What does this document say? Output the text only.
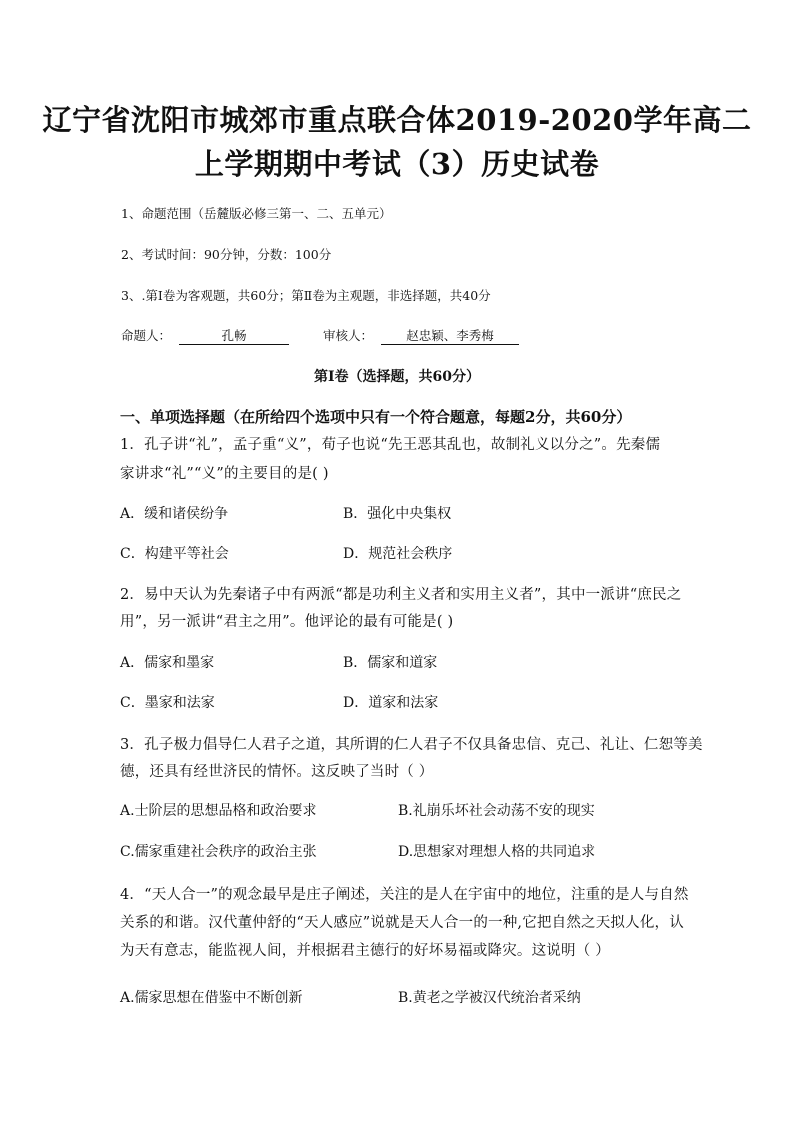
辽宁省沈阳市城郊市重点联合体2019-2020学年高二
上学期期中考试（3）历史试卷
1、命题范围（岳麓版必修三第一、二、五单元）
2、考试时间：90分钟，分数：100分
3、.第Ⅰ卷为客观题，共60分；第Ⅱ卷为主观题，非选择题，共40分
命题人：	孔畅	审核人：	赵忠颖、李秀梅
第Ⅰ卷（选择题，共60分）
一、单项选择题（在所给四个选项中只有一个符合题意，每题2分，共60分）
1．孔子讲“礼”，孟子重“义”，荀子也说“先王恶其乱也，故制礼义以分之”。先秦儒
家讲求“礼”“义”的主要目的是( )
A．缓和诸侯纷争	B．强化中央集权
C．构建平等社会	D．规范社会秩序
2．易中天认为先秦诸子中有两派“都是功利主义者和实用主义者”，其中一派讲“庶民之
用”，另一派讲“君主之用”。他评论的最有可能是( )
A．儒家和墨家	B．儒家和道家
C．墨家和法家	D．道家和法家
3．孔子极力倡导仁人君子之道，其所谓的仁人君子不仅具备忠信、克己、礼让、仁恕等美
德，还具有经世济民的情怀。这反映了当时（ ）
A.士阶层的思想品格和政治要求	B.礼崩乐坏社会动荡不安的现实
C.儒家重建社会秩序的政治主张	D.思想家对理想人格的共同追求
4．“天人合一”的观念最早是庄子阐述，关注的是人在宇宙中的地位，注重的是人与自然
关系的和谐。汉代董仲舒的“天人感应”说就是天人合一的一种,它把自然之天拟人化，认
为天有意志，能监视人间，并根据君主德行的好坏易福或降灾。这说明（ ）
A.儒家思想在借鉴中不断创新	B.黄老之学被汉代统治者采纳
